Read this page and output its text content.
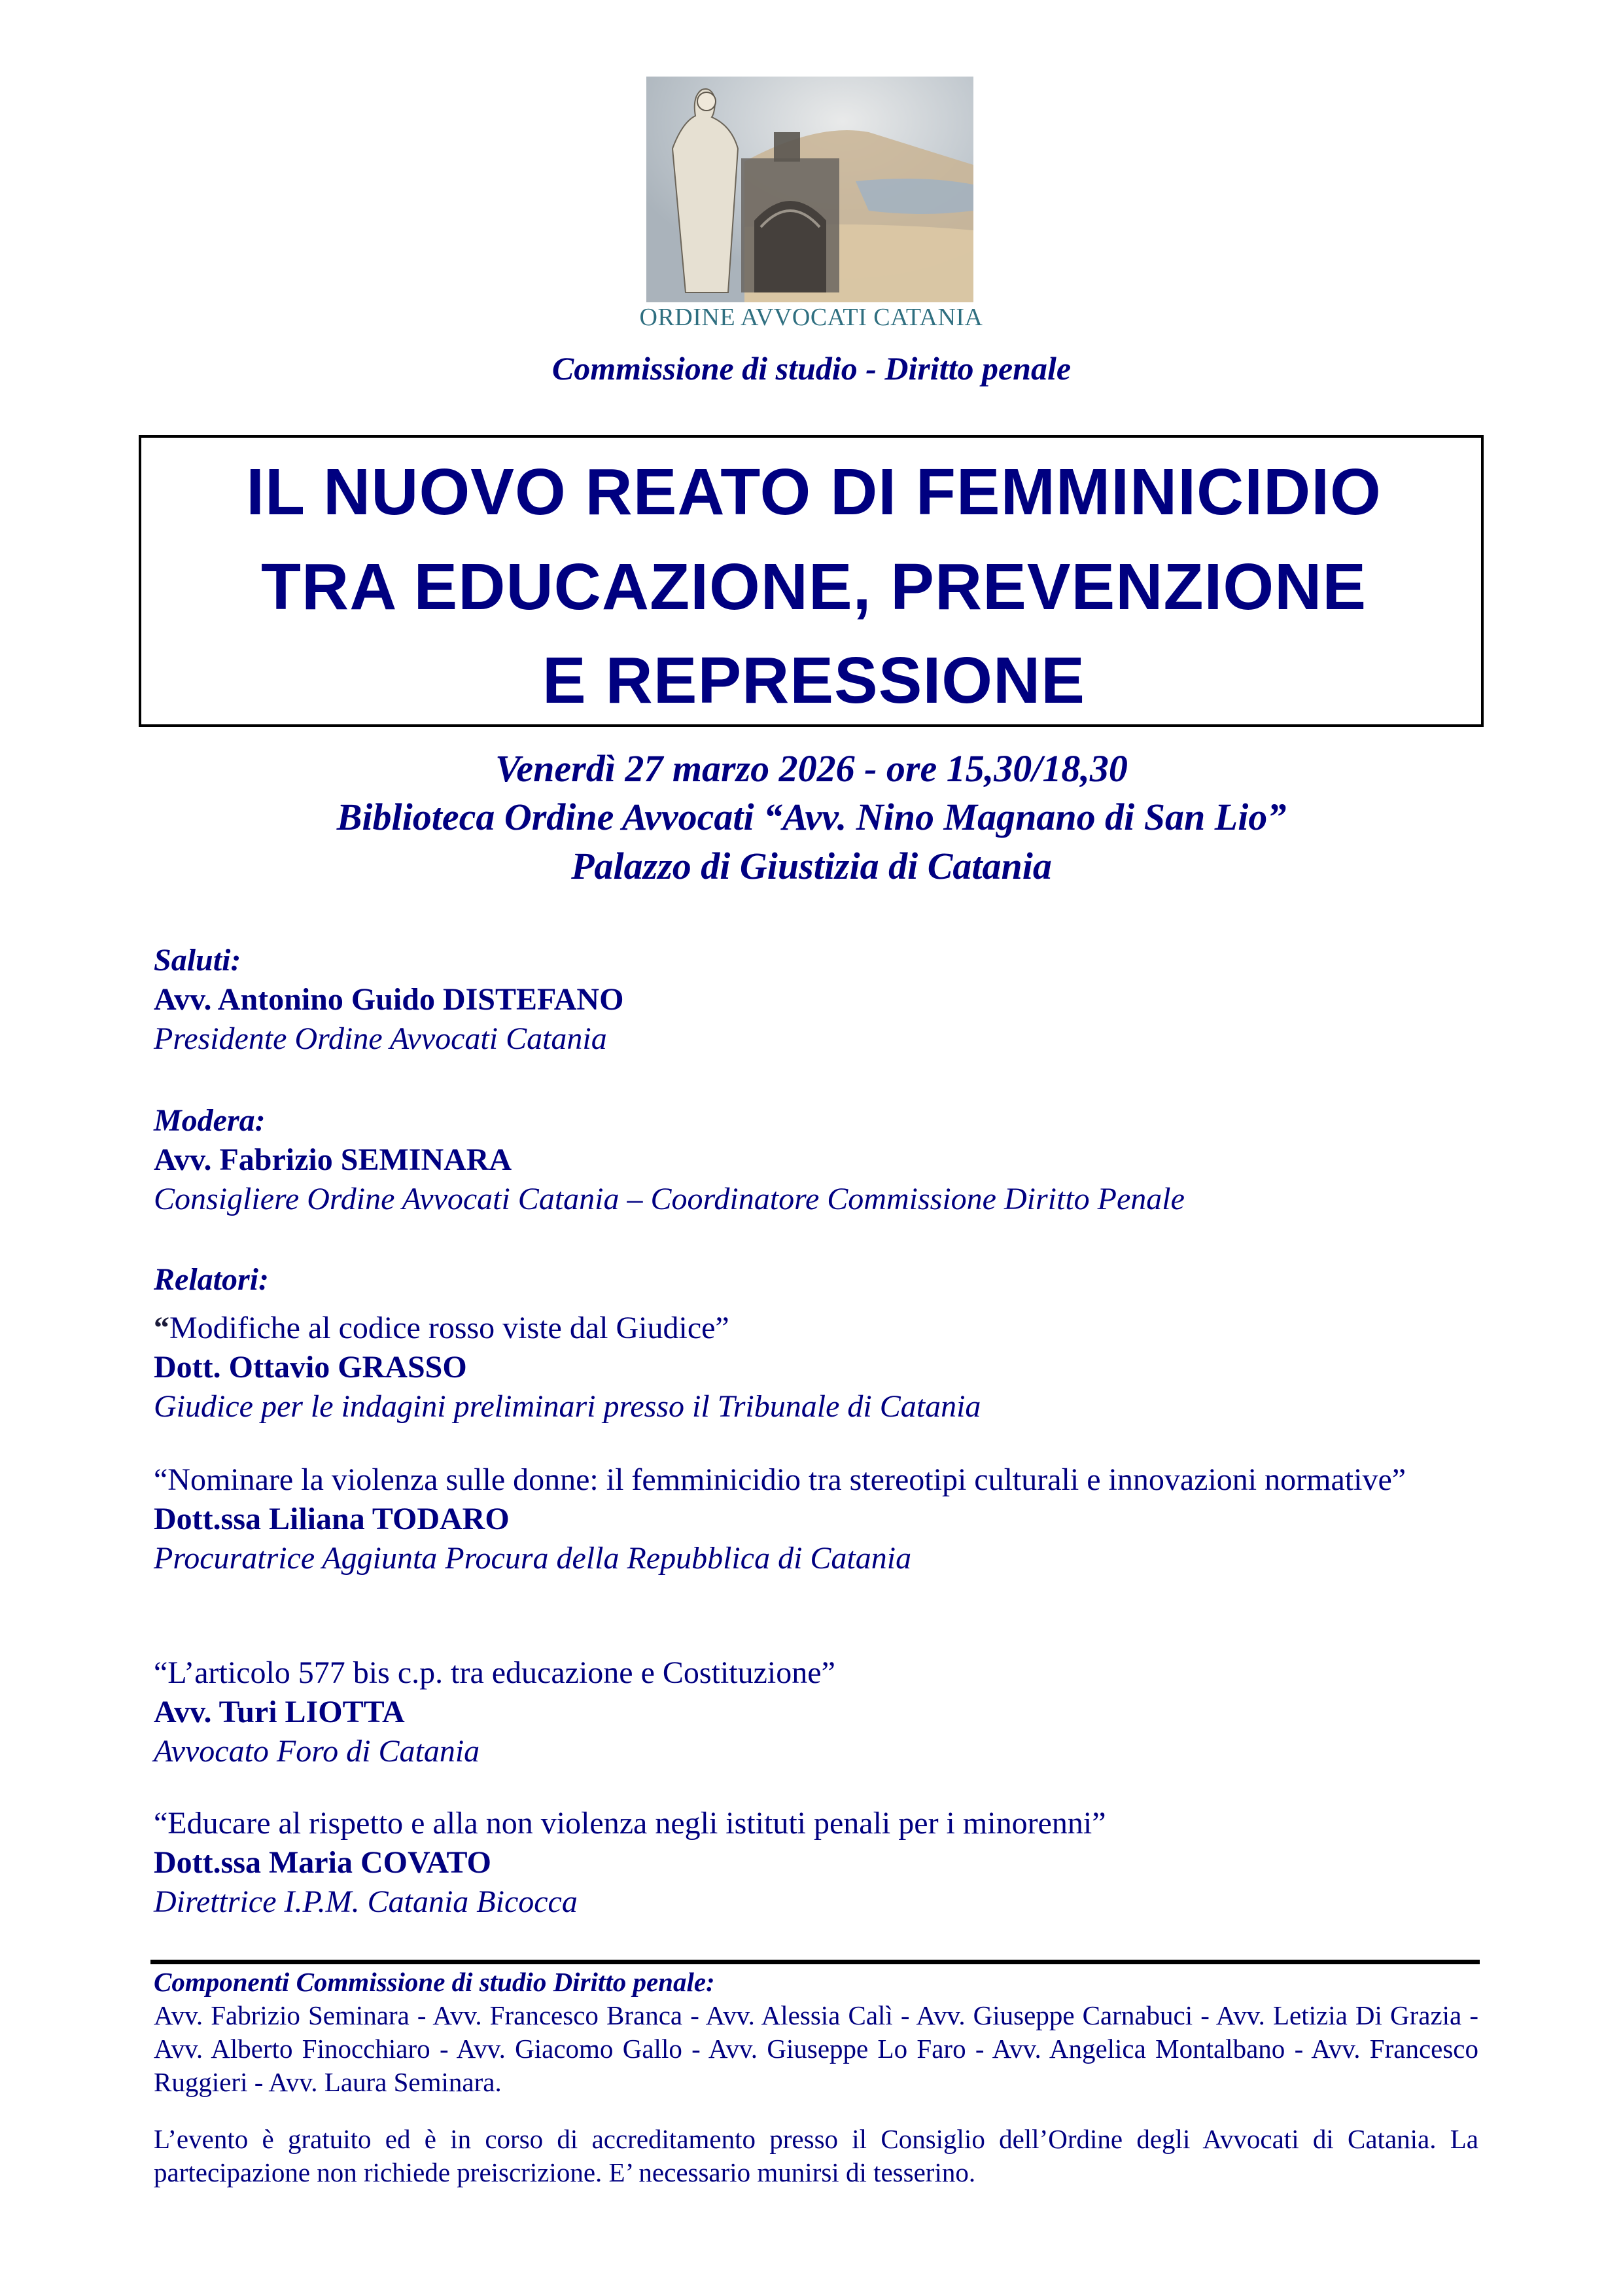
ORDINE AVVOCATI CATANIA
Commissione di studio - Diritto penale
IL NUOVO REATO DI FEMMINICIDIO
TRA EDUCAZIONE, PREVENZIONE
E REPRESSIONE
Venerdì 27 marzo 2026 - ore 15,30/18,30
Biblioteca Ordine Avvocati “Avv. Nino Magnano di San Lio”
Palazzo di Giustizia di Catania
Saluti:
Avv. Antonino Guido DISTEFANO
Presidente Ordine Avvocati Catania
Modera:
Avv. Fabrizio SEMINARA
Consigliere Ordine Avvocati Catania – Coordinatore Commissione Diritto Penale
Relatori:
“Modifiche al codice rosso viste dal Giudice”
Dott. Ottavio GRASSO
Giudice per le indagini preliminari presso il Tribunale di Catania
“Nominare la violenza sulle donne: il femminicidio tra stereotipi culturali e innovazioni normative”
Dott.ssa Liliana TODARO
Procuratrice Aggiunta Procura della Repubblica di Catania
“L’articolo 577 bis c.p. tra educazione e Costituzione”
Avv. Turi LIOTTA
Avvocato Foro di Catania
“Educare al rispetto e alla non violenza negli istituti penali per i minorenni”
Dott.ssa Maria COVATO
Direttrice I.P.M. Catania Bicocca
Componenti Commissione di studio Diritto penale:
Avv. Fabrizio Seminara - Avv. Francesco Branca - Avv. Alessia Calì - Avv. Giuseppe Carnabuci - Avv. Letizia Di Grazia - Avv. Alberto Finocchiaro - Avv. Giacomo Gallo - Avv. Giuseppe Lo Faro - Avv. Angelica Montalbano - Avv. Francesco Ruggieri - Avv. Laura Seminara.
L’evento è gratuito ed è in corso di accreditamento presso il Consiglio dell’Ordine degli Avvocati di Catania. La partecipazione non richiede preiscrizione. E’ necessario munirsi di tesserino.
